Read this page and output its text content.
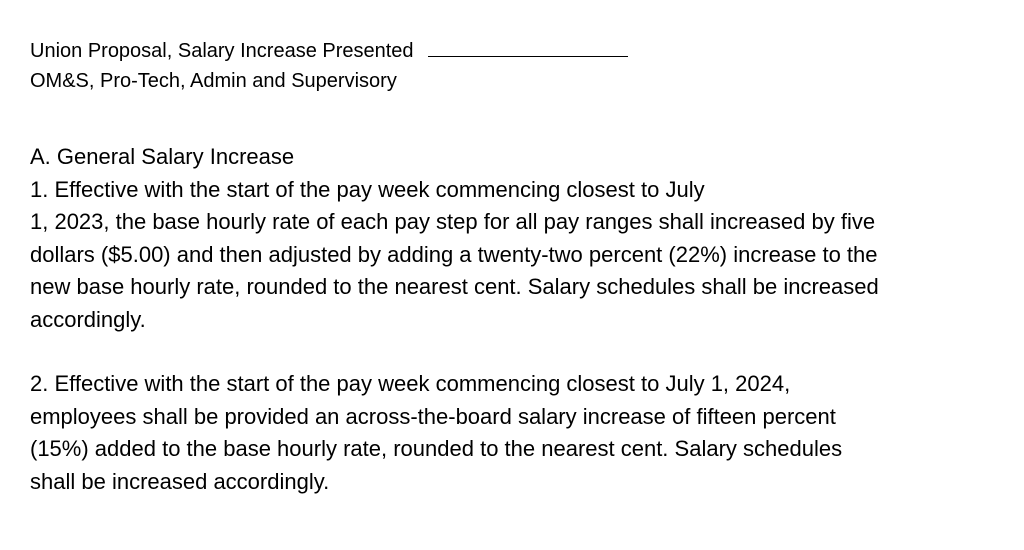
Union Proposal, Salary Increase Presented
OM&S, Pro-Tech, Admin and Supervisory

A. General Salary Increase

1. Effective with the start of the pay week commencing closest to July

1, 2023, the base hourly rate of each pay step for all pay ranges shall increased by five

dollars ($5.00) and then adjusted by adding a twenty-two percent (22%) increase to the

new base hourly rate, rounded to the nearest cent. Salary schedules shall be increased

accordingly.

2. Effective with the start of the pay week commencing closest to July 1, 2024,

employees shall be provided an across-the-board salary increase of fifteen percent

(15%) added to the base hourly rate, rounded to the nearest cent. Salary schedules

shall be increased accordingly.
